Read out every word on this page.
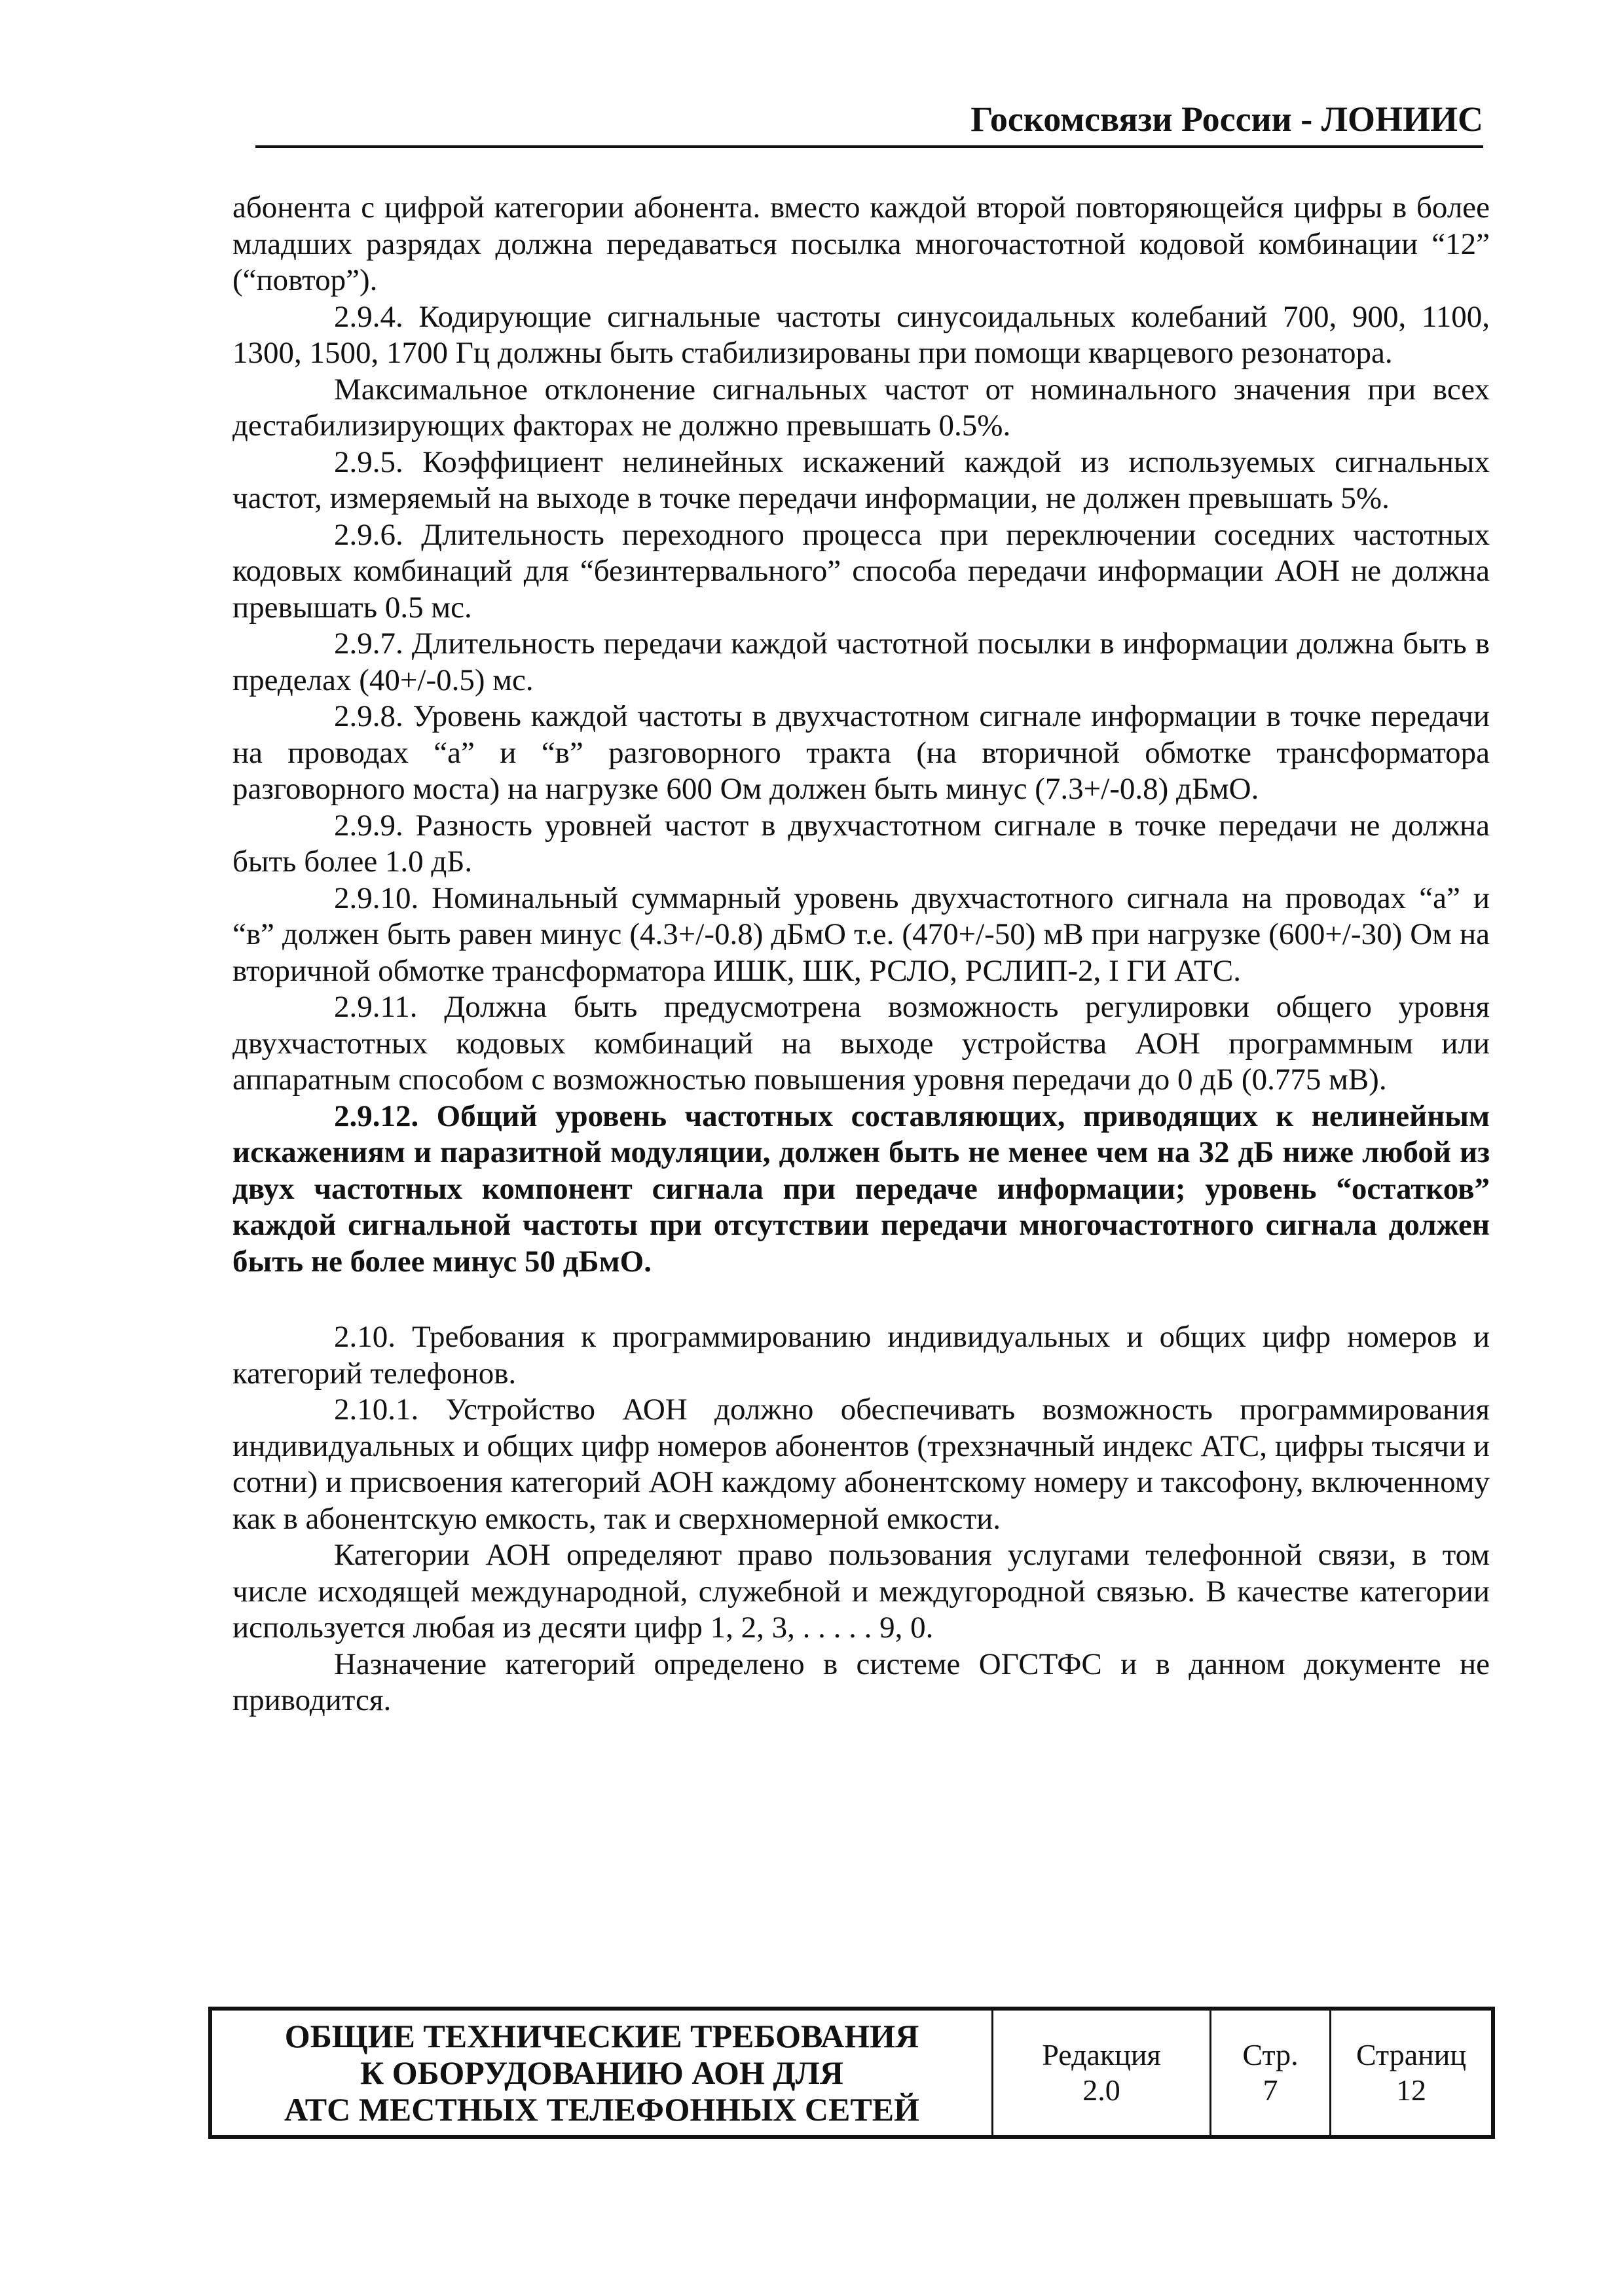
Госкомсвязи России - ЛОНИИС

абонента с цифрой категории абонента. вместо каждой второй повторяющейся цифры в более младших разрядах должна передаваться посылка многочастотной кодовой комбинации “12” (“повтор”).

2.9.4. Кодирующие сигнальные частоты синусоидальных колебаний 700, 900, 1100, 1300, 1500, 1700 Гц должны быть стабилизированы при помощи кварцевого резонатора.

Максимальное отклонение сигнальных частот от номинального значения при всех дестабилизирующих факторах не должно превышать 0.5%.

2.9.5. Коэффициент нелинейных искажений каждой из используемых сигнальных частот, измеряемый на выходе в точке передачи информации, не должен превышать 5%.

2.9.6. Длительность переходного процесса при переключении соседних частотных кодовых комбинаций для “безинтервального” способа передачи информации АОН не должна превышать 0.5 мс.

2.9.7. Длительность передачи каждой частотной посылки в информации должна быть в пределах (40+/-0.5) мс.

2.9.8. Уровень каждой частоты в двухчастотном сигнале информации в точке передачи на проводах “а” и “в” разговорного тракта (на вторичной обмотке трансформатора разговорного моста) на нагрузке 600 Ом должен быть минус (7.3+/-0.8) дБмО.

2.9.9. Разность уровней частот в двухчастотном сигнале в точке передачи не должна быть более 1.0 дБ.

2.9.10. Номинальный суммарный уровень двухчастотного сигнала на проводах “а” и “в” должен быть равен минус (4.3+/-0.8) дБмО т.е. (470+/-50) мВ при нагрузке (600+/-30) Ом на вторичной обмотке трансформатора ИШК, ШК, РСЛО, РСЛИП-2, I ГИ АТС.

2.9.11. Должна быть предусмотрена возможность регулировки общего уровня двухчастотных кодовых комбинаций на выходе устройства АОН программным или аппаратным способом с возможностью повышения уровня передачи до 0 дБ (0.775 мВ).

2.9.12. Общий уровень частотных составляющих, приводящих к нелинейным искажениям и паразитной модуляции, должен быть не менее чем на 32 дБ ниже любой из двух частотных компонент сигнала при передаче информации; уровень “остатков” каждой сигнальной частоты при отсутствии передачи многочастотного сигнала должен быть не более минус 50 дБмО.

2.10. Требования к программированию индивидуальных и общих цифр номеров и категорий телефонов.

2.10.1. Устройство АОН должно обеспечивать возможность программирования индивидуальных и общих цифр номеров абонентов (трехзначный индекс АТС, цифры тысячи и сотни) и присвоения категорий АОН каждому абонентскому номеру и таксофону, включенному как в абонентскую емкость, так и сверхномерной емкости.

Категории АОН определяют право пользования услугами телефонной связи, в том числе исходящей международной, служебной и междугородной связью. В качестве категории используется любая из десяти цифр 1, 2, 3, . . . . . 9, 0.

Назначение категорий определено в системе ОГСТФС и в данном документе не приводится.

ОБЩИЕ ТЕХНИЧЕСКИЕ ТРЕБОВАНИЯ
К ОБОРУДОВАНИЮ АОН ДЛЯ
АТС МЕСТНЫХ ТЕЛЕФОННЫХ СЕТЕЙ
Редакция
2.0
Стр.
7
Страниц
12
